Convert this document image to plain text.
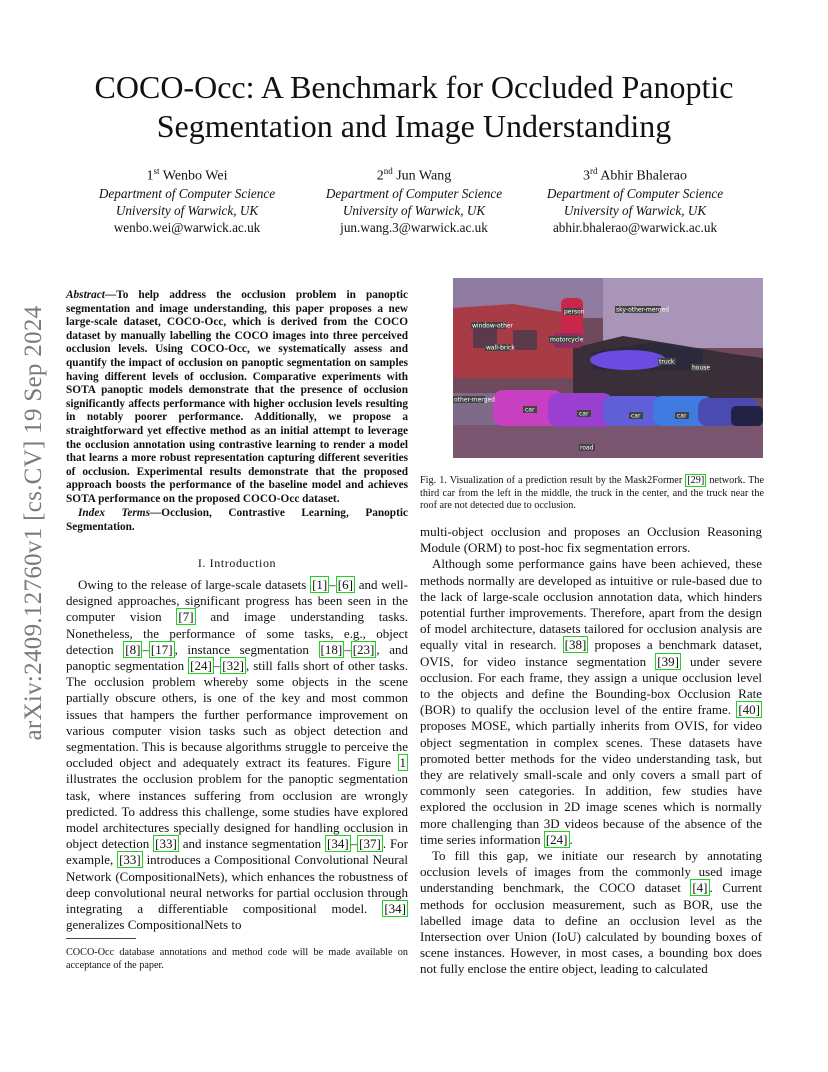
arXiv:2409.12760v1 [cs.CV] 19 Sep 2024
COCO-Occ: A Benchmark for Occluded Panoptic
Segmentation and Image Understanding
1st Wenbo Wei
Department of Computer Science
University of Warwick, UK
wenbo.wei@warwick.ac.uk
2nd Jun Wang
Department of Computer Science
University of Warwick, UK
jun.wang.3@warwick.ac.uk
3rd Abhir Bhalerao
Department of Computer Science
University of Warwick, UK
abhir.bhalerao@warwick.ac.uk
Abstract—To help address the occlusion problem in panoptic segmentation and image understanding, this paper proposes a new large-scale dataset, COCO-Occ, which is derived from the COCO dataset by manually labelling the COCO images into three perceived occlusion levels. Using COCO-Occ, we systematically assess and quantify the impact of occlusion on panoptic segmentation on samples having different levels of occlusion. Comparative experiments with SOTA panoptic models demonstrate that the presence of occlusion significantly affects performance with higher occlusion levels resulting in notably poorer performance. Additionally, we propose a straightforward yet effective method as an initial attempt to leverage the occlusion annotation using contrastive learning to render a model that learns a more robust representation capturing different severities of occlusion. Experimental results demonstrate that the proposed approach boosts the performance of the baseline model and achieves SOTA performance on the proposed COCO-Occ dataset.
Index Terms—Occlusion, Contrastive Learning, Panoptic Segmentation.
I. Introduction

Owing to the release of large-scale datasets [1] – [6] and well-designed approaches, significant progress has been seen in the computer vision [7] and image understanding tasks. Nonetheless, the performance of some tasks, e.g., object detection [8] – [17] , instance segmentation [18] – [23] , and panoptic segmentation [24] – [32] , still falls short of other tasks. The occlusion problem whereby some objects in the scene partially obscure others, is one of the key and most common issues that hampers the further performance improvement on various computer vision tasks such as object detection and segmentation. This is because algorithms struggle to perceive the occluded object and adequately extract its features. Figure 1 illustrates the occlusion problem for the panoptic segmentation task, where instances suffering from occlusion are wrongly predicted. To address this challenge, some studies have explored model architectures specially designed for handling occlusion in object detection [33] and instance segmentation [34] – [37] . For example, [33] introduces a Compositional Convolutional Neural Network (CompositionalNets), which enhances the robustness of deep convolutional neural networks for partial occlusion through integrating a differentiable compositional model. [34] generalizes CompositionalNets to

COCO-Occ database annotations and method code will be made available on acceptance of the paper.
person	sky-other-merged
window-other
wall-brick
motorcycle
house
truck
other-merged
car
car	car	car
road
Fig. 1. Visualization of a prediction result by the Mask2Former [29] network. The third car from the left in the middle, the truck in the center, and the truck near the roof are not detected due to occlusion.

multi-object occlusion and proposes an Occlusion Reasoning Module (ORM) to post-hoc fix segmentation errors.

Although some performance gains have been achieved, these methods normally are developed as intuitive or rule-based due to the lack of large-scale occlusion annotation data, which hinders potential further improvements. Therefore, apart from the design of model architecture, datasets tailored for occlusion analysis are equally vital in research. [38] proposes a benchmark dataset, OVIS, for video instance segmentation [39] under severe occlusion. For each frame, they assign a unique occlusion level to the objects and define the Bounding-box Occlusion Rate (BOR) to qualify the occlusion level of the entire frame. [40] proposes MOSE, which partially inherits from OVIS, for video object segmentation in complex scenes. These datasets have promoted better methods for the video understanding task, but they are relatively small-scale and only covers a small part of commonly seen categories. In addition, few studies have explored the occlusion in 2D image scenes which is normally more challenging than 3D videos because of the absence of the time series information [24] .

To fill this gap, we initiate our research by annotating occlusion levels of images from the commonly used image understanding benchmark, the COCO dataset [4] . Current methods for occlusion measurement, such as BOR, use the labelled image data to define an occlusion level as the Intersection over Union (IoU) calculated by bounding boxes of scene instances. However, in most cases, a bounding box does not fully enclose the entire object, leading to calculated
